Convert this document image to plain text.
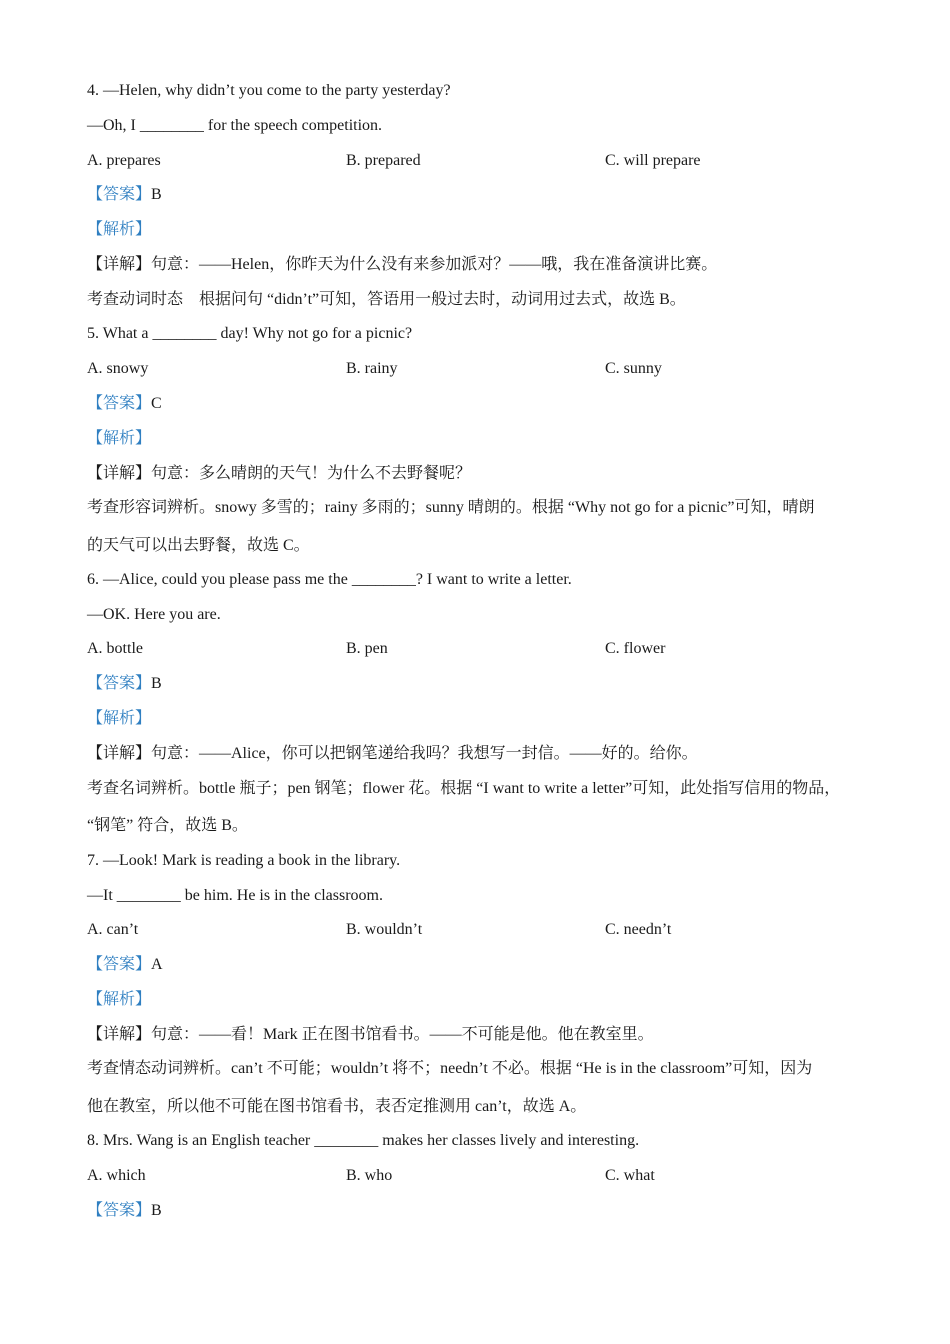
4. —Helen, why didn’t you come to the party yesterday?
—Oh, I ________ for the speech competition.
A. prepares	B. prepared	C. will prepare
【答案】B
【解析】
【详解】句意：——Helen，你昨天为什么没有来参加派对？——哦，我在准备演讲比赛。
考查动词时态　根据问句 “didn’t”可知，答语用一般过去时，动词用过去式，故选 B。
5. What a ________ day! Why not go for a picnic?
A. snowy	B. rainy	C. sunny
【答案】C
【解析】
【详解】句意：多么晴朗的天气！为什么不去野餐呢？
考查形容词辨析。snowy 多雪的；rainy 多雨的；sunny 晴朗的。根据 “Why not go for a picnic”可知，晴朗
的天气可以出去野餐，故选 C。
6. —Alice, could you please pass me the ________? I want to write a letter.
—OK. Here you are.
A. bottle	B. pen	C. flower
【答案】B
【解析】
【详解】句意：——Alice，你可以把钢笔递给我吗？我想写一封信。——好的。给你。
考查名词辨析。bottle 瓶子；pen 钢笔；flower 花。根据 “I want to write a letter”可知，此处指写信用的物品，
“钢笔” 符合，故选 B。
7. —Look! Mark is reading a book in the library.
—It ________ be him. He is in the classroom.
A. can’t	B. wouldn’t	C. needn’t
【答案】A
【解析】
【详解】句意：——看！Mark 正在图书馆看书。——不可能是他。他在教室里。
考查情态动词辨析。can’t 不可能；wouldn’t 将不；needn’t 不必。根据 “He is in the classroom”可知，因为
他在教室，所以他不可能在图书馆看书，表否定推测用 can’t，故选 A。
8. Mrs. Wang is an English teacher ________ makes her classes lively and interesting.
A. which	B. who	C. what
【答案】B
